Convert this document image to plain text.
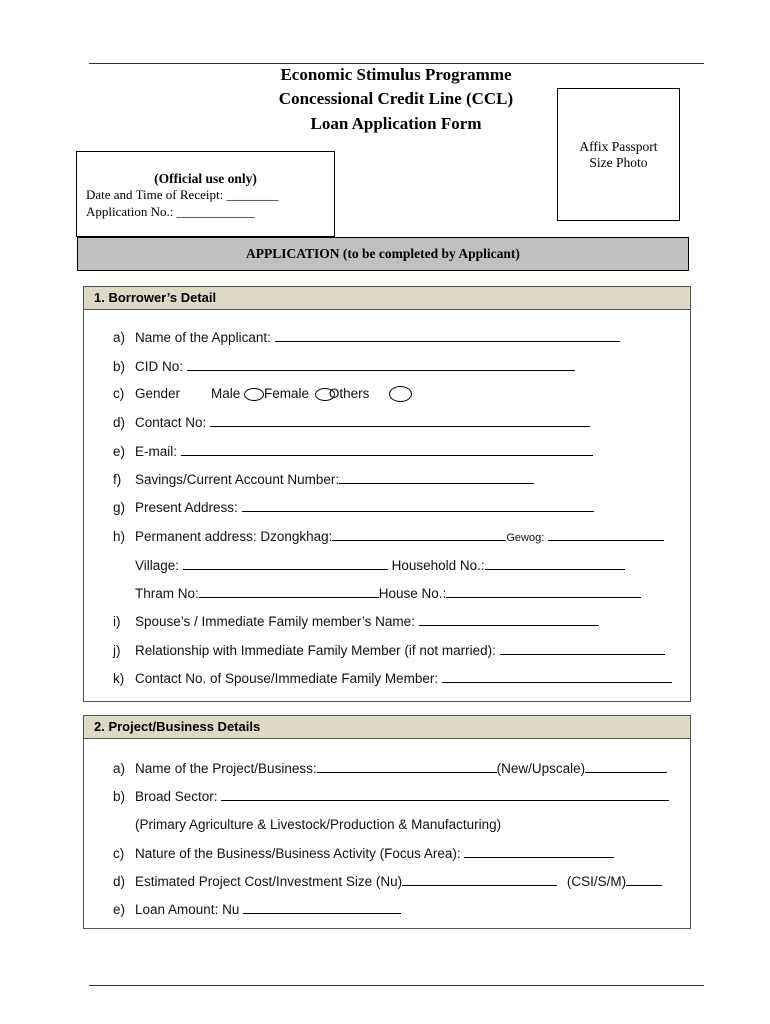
Economic Stimulus Programme
Concessional Credit Line (CCL)
Loan Application Form
Affix Passport
Size Photo
(Official use only)
Date and Time of Receipt: ________
Application No.: ____________
APPLICATION (to be completed by Applicant)
1. Borrower’s Detail
a) Name of the Applicant:
b) CID No:
c) Gender Male Female Others
d) Contact No:
e) E-mail:
f) Savings/Current Account Number:
g) Present Address:
h) Permanent address: Dzongkhag:	Gewog:
Village:	Household No.:
Thram No:	House No.:
i) Spouse’s / Immediate Family member’s Name:
j) Relationship with Immediate Family Member (if not married):
k) Contact No. of Spouse/Immediate Family Member:
2. Project/Business Details
a) Name of the Project/Business:	(New/Upscale)
b) Broad Sector:
(Primary Agriculture & Livestock/Production & Manufacturing)
c) Nature of the Business/Business Activity (Focus Area):
d) Estimated Project Cost/Investment Size (Nu)	(CSI/S/M)
e) Loan Amount: Nu
